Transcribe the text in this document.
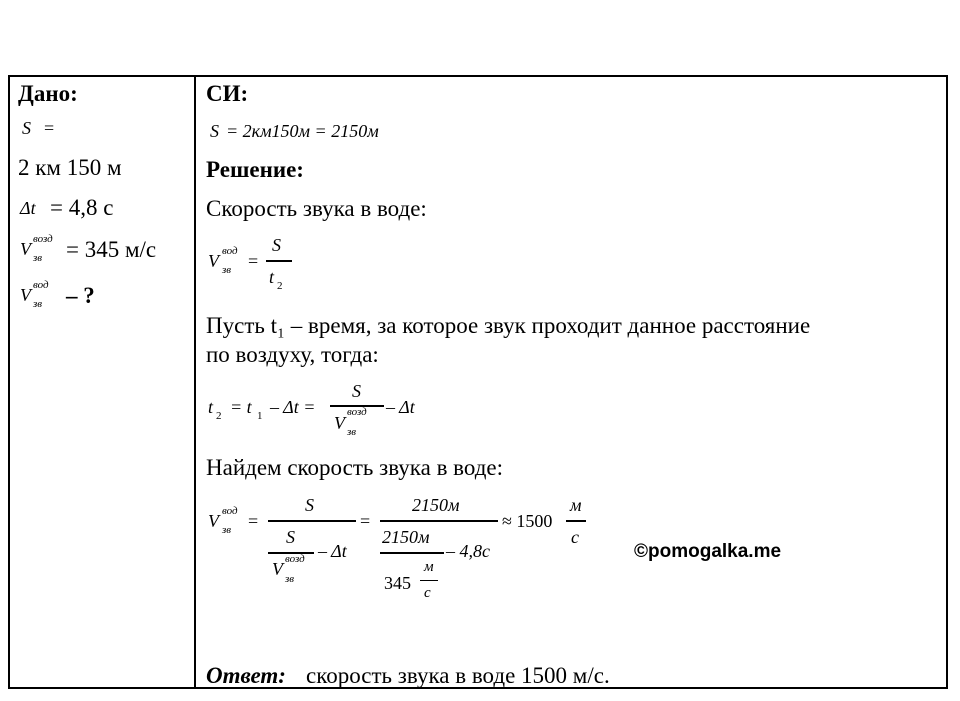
Дано:
S =
2 км 150 м
Δt = 4,8 с
V возд
зв = 345 м/с
V вод
зв – ?
СИ:
S = 2км150м = 2150м
Решение:
Скорость звука в воде:
V вод
зв =
S
t 2
Пусть t₁ – время, за которое звук проходит данное расстояние
по воздуху, тогда:
t 2 = t 1 – Δt =
S
V
возд
зв
– Δt
Найдем скорость звука в воде:
V вод
зв =
S
S
V возд
зв
– Δt
=
2150м
2150м
– 4,8с
345
м
с
≈ 1500
м
с
©pomogalka.me
Ответ: скорость звука в воде 1500 м/с.
